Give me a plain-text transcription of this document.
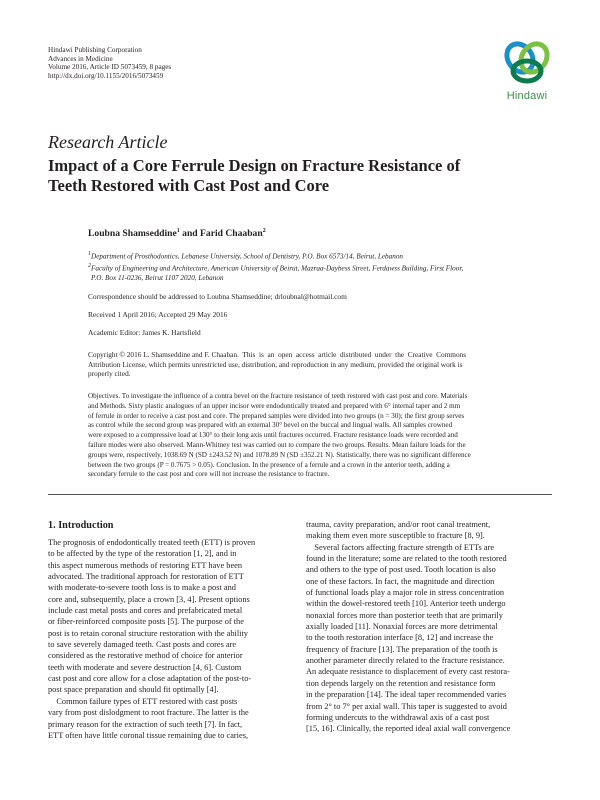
Hindawi Publishing Corporation
Advances in Medicine
Volume 2016, Article ID 5073459, 8 pages
http://dx.doi.org/10.1155/2016/5073459
Hindawi
Research Article
Impact of a Core Ferrule Design on Fracture Resistance of
Teeth Restored with Cast Post and Core
Loubna Shamseddine$^1$ and Farid Chaaban$^2$
$^1$Department of Prosthodontics, Lebanese University, School of Dentistry, P.O. Box 6573/14, Beirut, Lebanon
$^2$Faculty of Engineering and Architecture, American University of Beirut, Mazraa-Daybess Street, Ferdawss Building, First Floor,
P.O. Box 11-0236, Beirut 1107 2020, Lebanon
Correspondence should be addressed to Loubna Shamseddine; drloubnal@hotmail.com
Received 1 April 2016; Accepted 29 May 2016
Academic Editor: James K. Hartsfield
Copyright © 2016 L. Shamseddine and F. Chaaban.  This  is  an  open  access  article  distributed  under  the  Creative  Commons
Attribution License, which permits unrestricted use, distribution, and reproduction in any medium, provided the original work is
properly cited.
Objectives. To investigate the influence of a contra bevel on the fracture resistance of teeth restored with cast post and core. Materials
and Methods. Sixty plastic analogues of an upper incisor were endodontically treated and prepared with 6° internal taper and 2 mm
of ferrule in order to receive a cast post and core. The prepared samples were divided into two groups (n = 30); the first group serves
as control while the second group was prepared with an external 30° bevel on the buccal and lingual walls. All samples crowned
were exposed to a compressive load at 130° to their long axis until fractures occurred. Fracture resistance loads were recorded and
failure modes were also observed. Mann-Whitney test was carried out to compare the two groups. Results. Mean failure loads for the
groups were, respectively, 1038.69 N (SD ±243.52 N) and 1078.89 N (SD ±352.21 N). Statistically, there was no significant difference
between the two groups (P = 0.7675 > 0.05). Conclusion. In the presence of a ferrule and a crown in the anterior teeth, adding a
secondary ferrule to the cast post and core will not increase the resistance to fracture.
1. Introduction
The prognosis of endodontically treated teeth (ETT) is proven
to be affected by the type of the restoration [1, 2], and in
this aspect numerous methods of restoring ETT have been
advocated. The traditional approach for restoration of ETT
with moderate-to-severe tooth loss is to make a post and
core and, subsequently, place a crown [3, 4]. Present options
include cast metal posts and cores and prefabricated metal
or fiber-reinforced composite posts [5]. The purpose of the
post is to retain coronal structure restoration with the ability
to save severely damaged teeth. Cast posts and cores are
considered as the restorative method of choice for anterior
teeth with moderate and severe destruction [4, 6]. Custom
cast post and core allow for a close adaptation of the post-to-
post space preparation and should fit optimally [4].
Common failure types of ETT restored with cast posts
vary from post dislodgment to root fracture. The latter is the
primary reason for the extraction of such teeth [7]. In fact,
ETT often have little coronal tissue remaining due to caries,
trauma, cavity preparation, and/or root canal treatment,
making them even more susceptible to fracture [8, 9].
Several factors affecting fracture strength of ETTs are
found in the literature; some are related to the tooth restored
and others to the type of post used. Tooth location is also
one of these factors. In fact, the magnitude and direction
of functional loads play a major role in stress concentration
within the dowel-restored teeth [10]. Anterior teeth undergo
nonaxial forces more than posterior teeth that are primarily
axially loaded [11]. Nonaxial forces are more detrimental
to the tooth restoration interface [8, 12] and increase the
frequency of fracture [13]. The preparation of the tooth is
another parameter directly related to the fracture resistance.
An adequate resistance to displacement of every cast restora-
tion depends largely on the retention and resistance form
in the preparation [14]. The ideal taper recommended varies
from 2° to 7° per axial wall. This taper is suggested to avoid
forming undercuts to the withdrawal axis of a cast post
[15, 16]. Clinically, the reported ideal axial wall convergence
